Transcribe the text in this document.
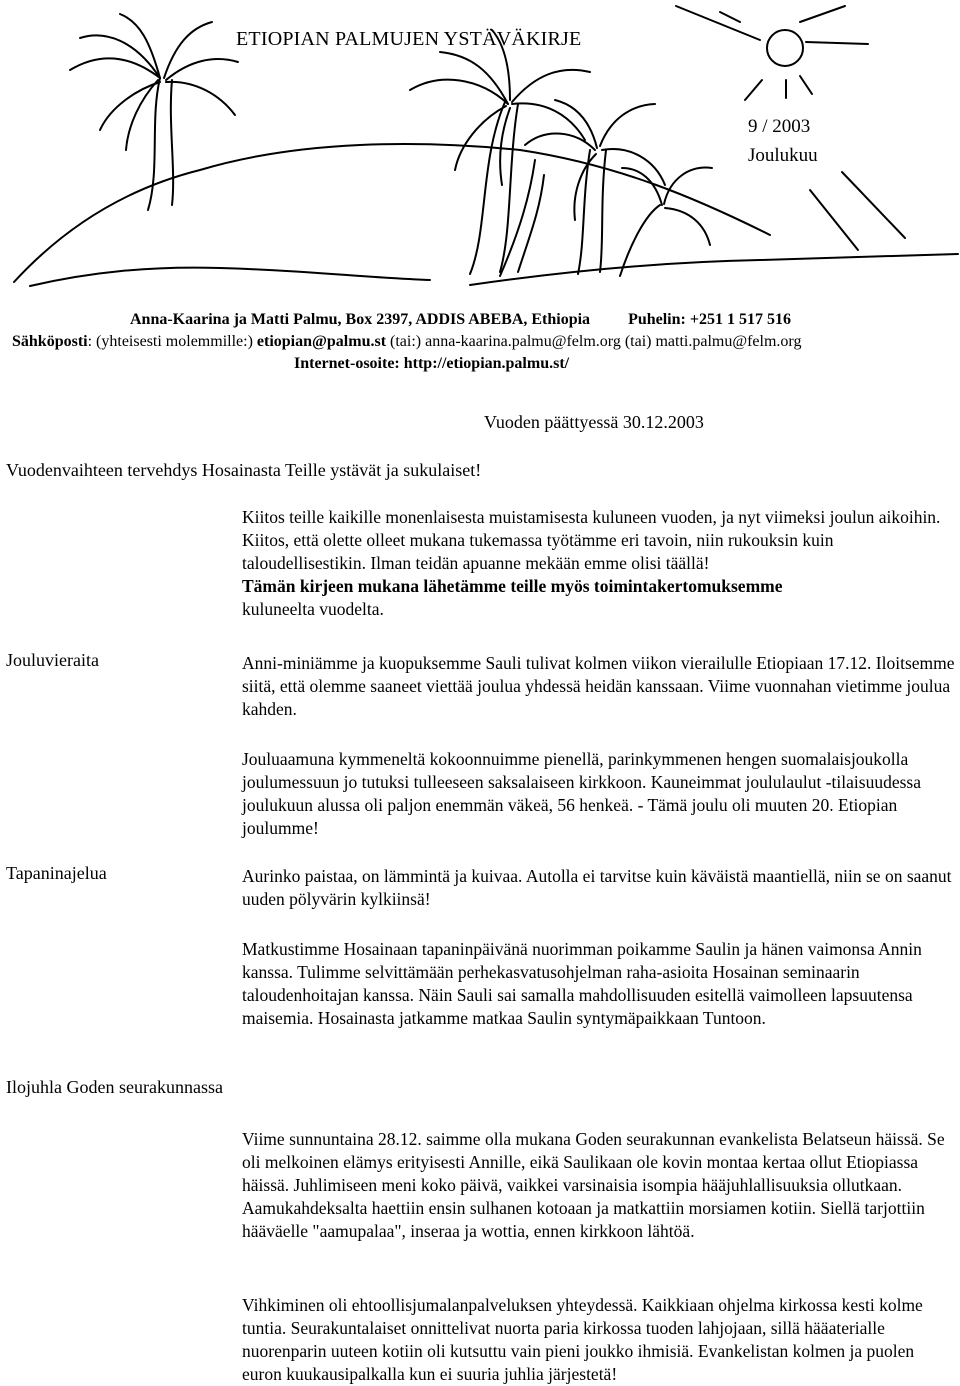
ETIOPIAN PALMUJEN YSTÄVÄKIRJE
9 / 2003
Joulukuu
Anna-Kaarina ja Matti Palmu, Box 2397, ADDIS ABEBA, Ethiopia Puhelin: +251 1 517 516
Sähköposti: (yhteisesti molemmille:) etiopian@palmu.st (tai:) anna-kaarina.palmu@felm.org (tai) matti.palmu@felm.org
Internet-osoite: http://etiopian.palmu.st/
Vuoden päättyessä 30.12.2003
Vuodenvaihteen tervehdys Hosainasta Teille ystävät ja sukulaiset!

Kiitos teille kaikille monenlaisesta muistamisesta kuluneen vuoden, ja nyt viimeksi joulun aikoihin. Kiitos, että olette olleet mukana tukemassa työtämme eri tavoin, niin rukouksin kuin taloudellisestikin. Ilman teidän apuanne mekään emme olisi täällä!
Tämän kirjeen mukana lähetämme teille myös toimintakertomuksemme
kuluneelta vuodelta.

Jouluvieraita	Anni-miniämme ja kuopuksemme Sauli tulivat kolmen viikon vierailulle Etiopiaan 17.12. Iloitsemme siitä, että olemme saaneet viettää joulua yhdessä heidän kanssaan. Viime vuonnahan vietimme joulua kahden.
Jouluaamuna kymmeneltä kokoonnuimme pienellä, parinkymmenen hengen suomalaisjoukolla joulumessuun jo tutuksi tulleeseen saksalaiseen kirkkoon. Kauneimmat joululaulut -tilaisuudessa joulukuun alussa oli paljon enemmän väkeä, 56 henkeä. - Tämä joulu oli muuten 20. Etiopian joulumme!
Tapaninajelua	Aurinko paistaa, on lämmintä ja kuivaa. Autolla ei tarvitse kuin käväistä maantiellä, niin se on saanut uuden pölyvärin kylkiinsä!
Matkustimme Hosainaan tapaninpäivänä nuorimman poikamme Saulin ja hänen vaimonsa Annin kanssa. Tulimme selvittämään perhekasvatusohjelman raha-asioita Hosainan seminaarin taloudenhoitajan kanssa. Näin Sauli sai samalla mahdollisuuden esitellä vaimolleen lapsuutensa maisemia. Hosainasta jatkamme matkaa Saulin syntymäpaikkaan Tuntoon.
Ilojuhla Goden seurakunnassa
Viime sunnuntaina 28.12. saimme olla mukana Goden seurakunnan evankelista Belatseun häissä. Se oli melkoinen elämys erityisesti Annille, eikä Saulikaan ole kovin montaa kertaa ollut Etiopiassa häissä. Juhlimiseen meni koko päivä, vaikkei varsinaisia isompia hääjuhlallisuuksia ollutkaan. Aamukahdeksalta haettiin ensin sulhanen kotoaan ja matkattiin morsiamen kotiin. Siellä tarjottiin hääväelle "aamupalaa", inseraa ja wottia, ennen kirkkoon lähtöä.
Vihkiminen oli ehtoollisjumalanpalveluksen yhteydessä. Kaikkiaan ohjelma kirkossa kesti kolme tuntia. Seurakuntalaiset onnittelivat nuorta paria kirkossa tuoden lahjojaan, sillä hääaterialle nuorenparin uuteen kotiin oli kutsuttu vain pieni joukko ihmisiä. Evankelistan kolmen ja puolen euron kuukausipalkalla kun ei suuria juhlia järjestetä!
